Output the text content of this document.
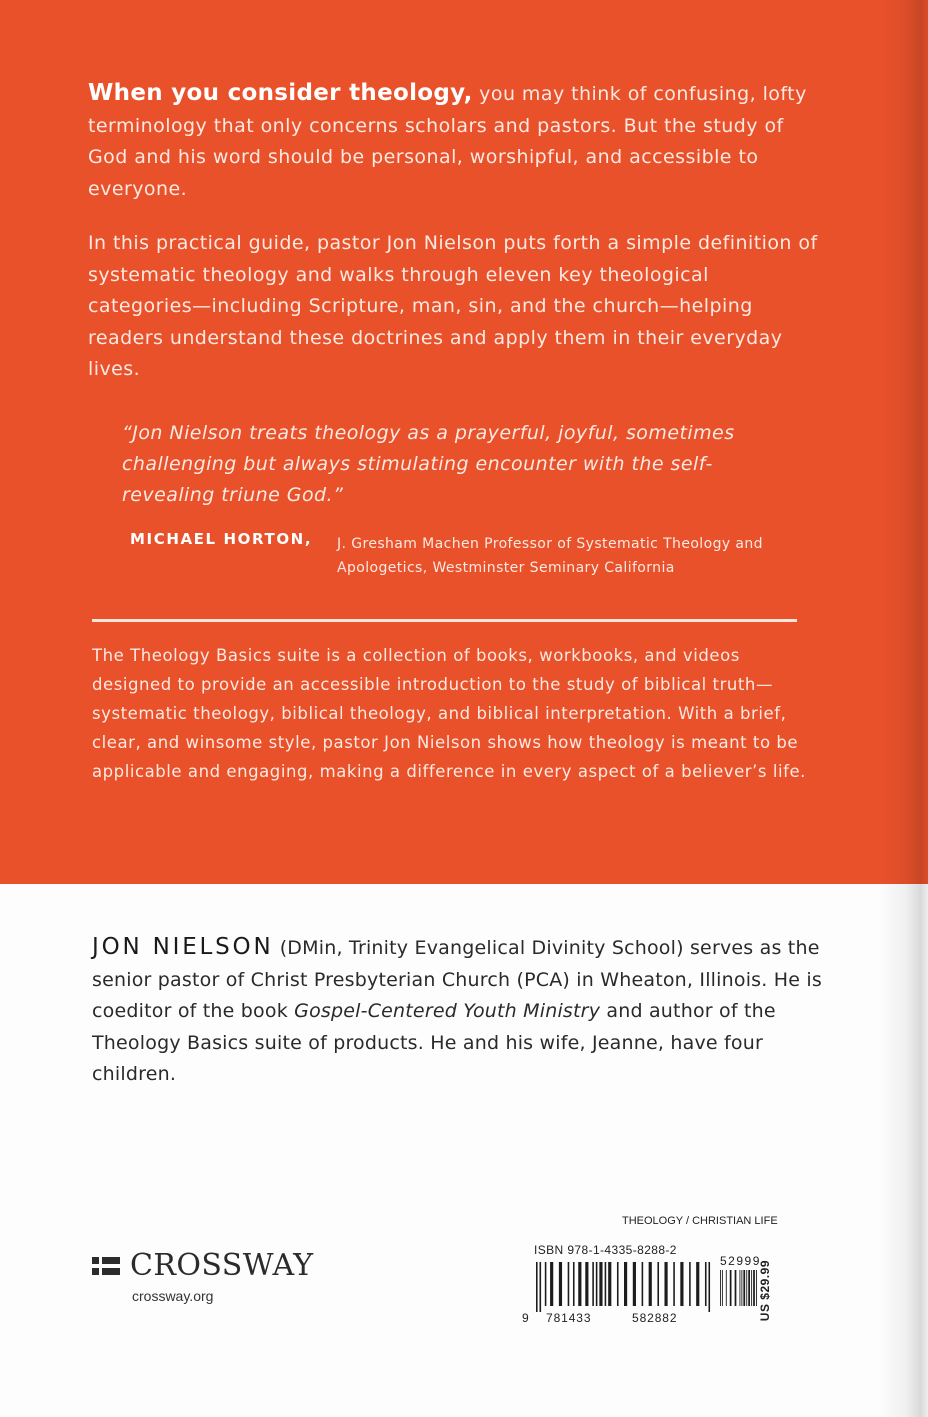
When you consider theology, you may think of confusing, lofty terminology that only concerns scholars and pastors. But the study of God and his word should be personal, worshipful, and accessible to everyone.

In this practical guide, pastor Jon Nielson puts forth a simple definition of systematic theology and walks through eleven key theological categories—including Scripture, man, sin, and the church—helping readers understand these doctrines and apply them in their everyday lives.

“Jon Nielson treats theology as a prayerful, joyful, sometimes challenging but always stimulating encounter with the self-revealing triune God.”

MICHAEL HORTON, J. Gresham Machen Professor of Systematic Theology and Apologetics, Westminster Seminary California

The Theology Basics suite is a collection of books, workbooks, and videos designed to provide an accessible introduction to the study of biblical truth—systematic theology, biblical theology, and biblical interpretation. With a brief, clear, and winsome style, pastor Jon Nielson shows how theology is meant to be applicable and engaging, making a difference in every aspect of a believer’s life.

JON NIELSON (DMin, Trinity Evangelical Divinity School) serves as the senior pastor of Christ Presbyterian Church (PCA) in Wheaton, Illinois. He is coeditor of the book Gospel-Centered Youth Ministry and author of the Theology Basics suite of products. He and his wife, Jeanne, have four children.

CROSSWAY
crossway.org
THEOLOGY / CHRISTIAN LIFE
ISBN 978-1-4335-8288-2
52999
9 781433	582882	US $29.99
